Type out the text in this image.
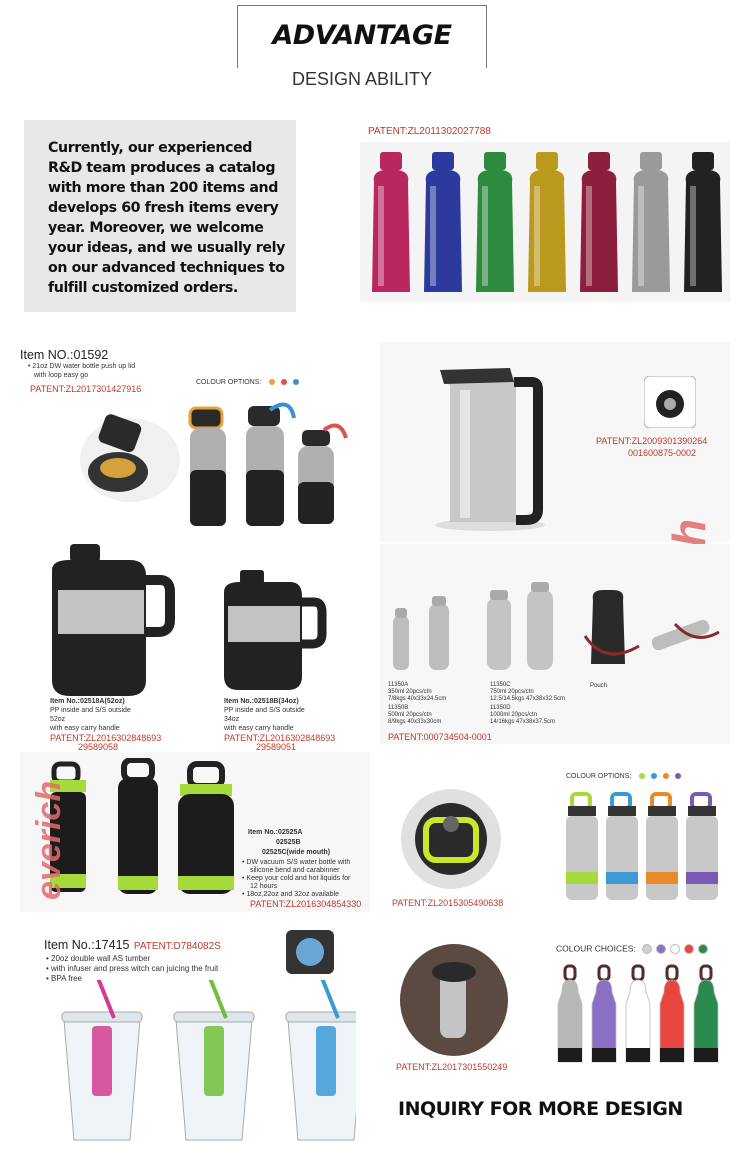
ADVANTAGE
DESIGN ABILITY
Currently, our experienced R&D team produces a catalog with more than 200 items and develops 60 fresh items every year. Moreover, we welcome your ideas, and we usually rely on our advanced techniques to fulfill customized orders.
PATENT:ZL2011302027788
Item NO.:01592
• 21oz DW water bottle push up lid
with loop easy go
PATENT:ZL2017301427916
COLOUR OPTIONS:
PATENT:ZL2009301390264
001600875-0002
Item No.:02518A(52oz)
PP inside and S/S outside
52oz
with easy carry handle
PATENT:ZL2016302848693
29589058
Item No.:02518B(34oz)
PP inside and S/S outside
34oz
with easy carry handle
PATENT:ZL2016302848693
29589051
11350A
350ml 20pcs/ctn
7/8kgs 40x33x24.5cm
11350B
500ml 20pcs/ctn
8/9kgs 40x33x30cm
11350C
750ml 20pcs/ctn
12.5/14.5kgs 47x38x32.5cm
11350D
1000ml 20pcs/ctn
14/16kgs 47x38x37.5cm
Pouch
PATENT:000734504-0001
everich	Item No.:02525A
02525B
02525C(wide mouth)
• DW vacuum S/S water bottle with
silicone bend and carabinner
• Keep your cold and hot liquids for
12 hours
• 18oz,22oz and 32oz available
PATENT:ZL2016304854330	PATENT:ZL2015305490638
COLOUR OPTIONS:
Item No.:17415 PATENT:D784082S
• 20oz double wall AS tumber
• with infuser and press witch can juicing the fruit
• BPA free
PATENT:ZL2017301550249
COLOUR CHOICES:
INQUIRY FOR MORE DESIGN
